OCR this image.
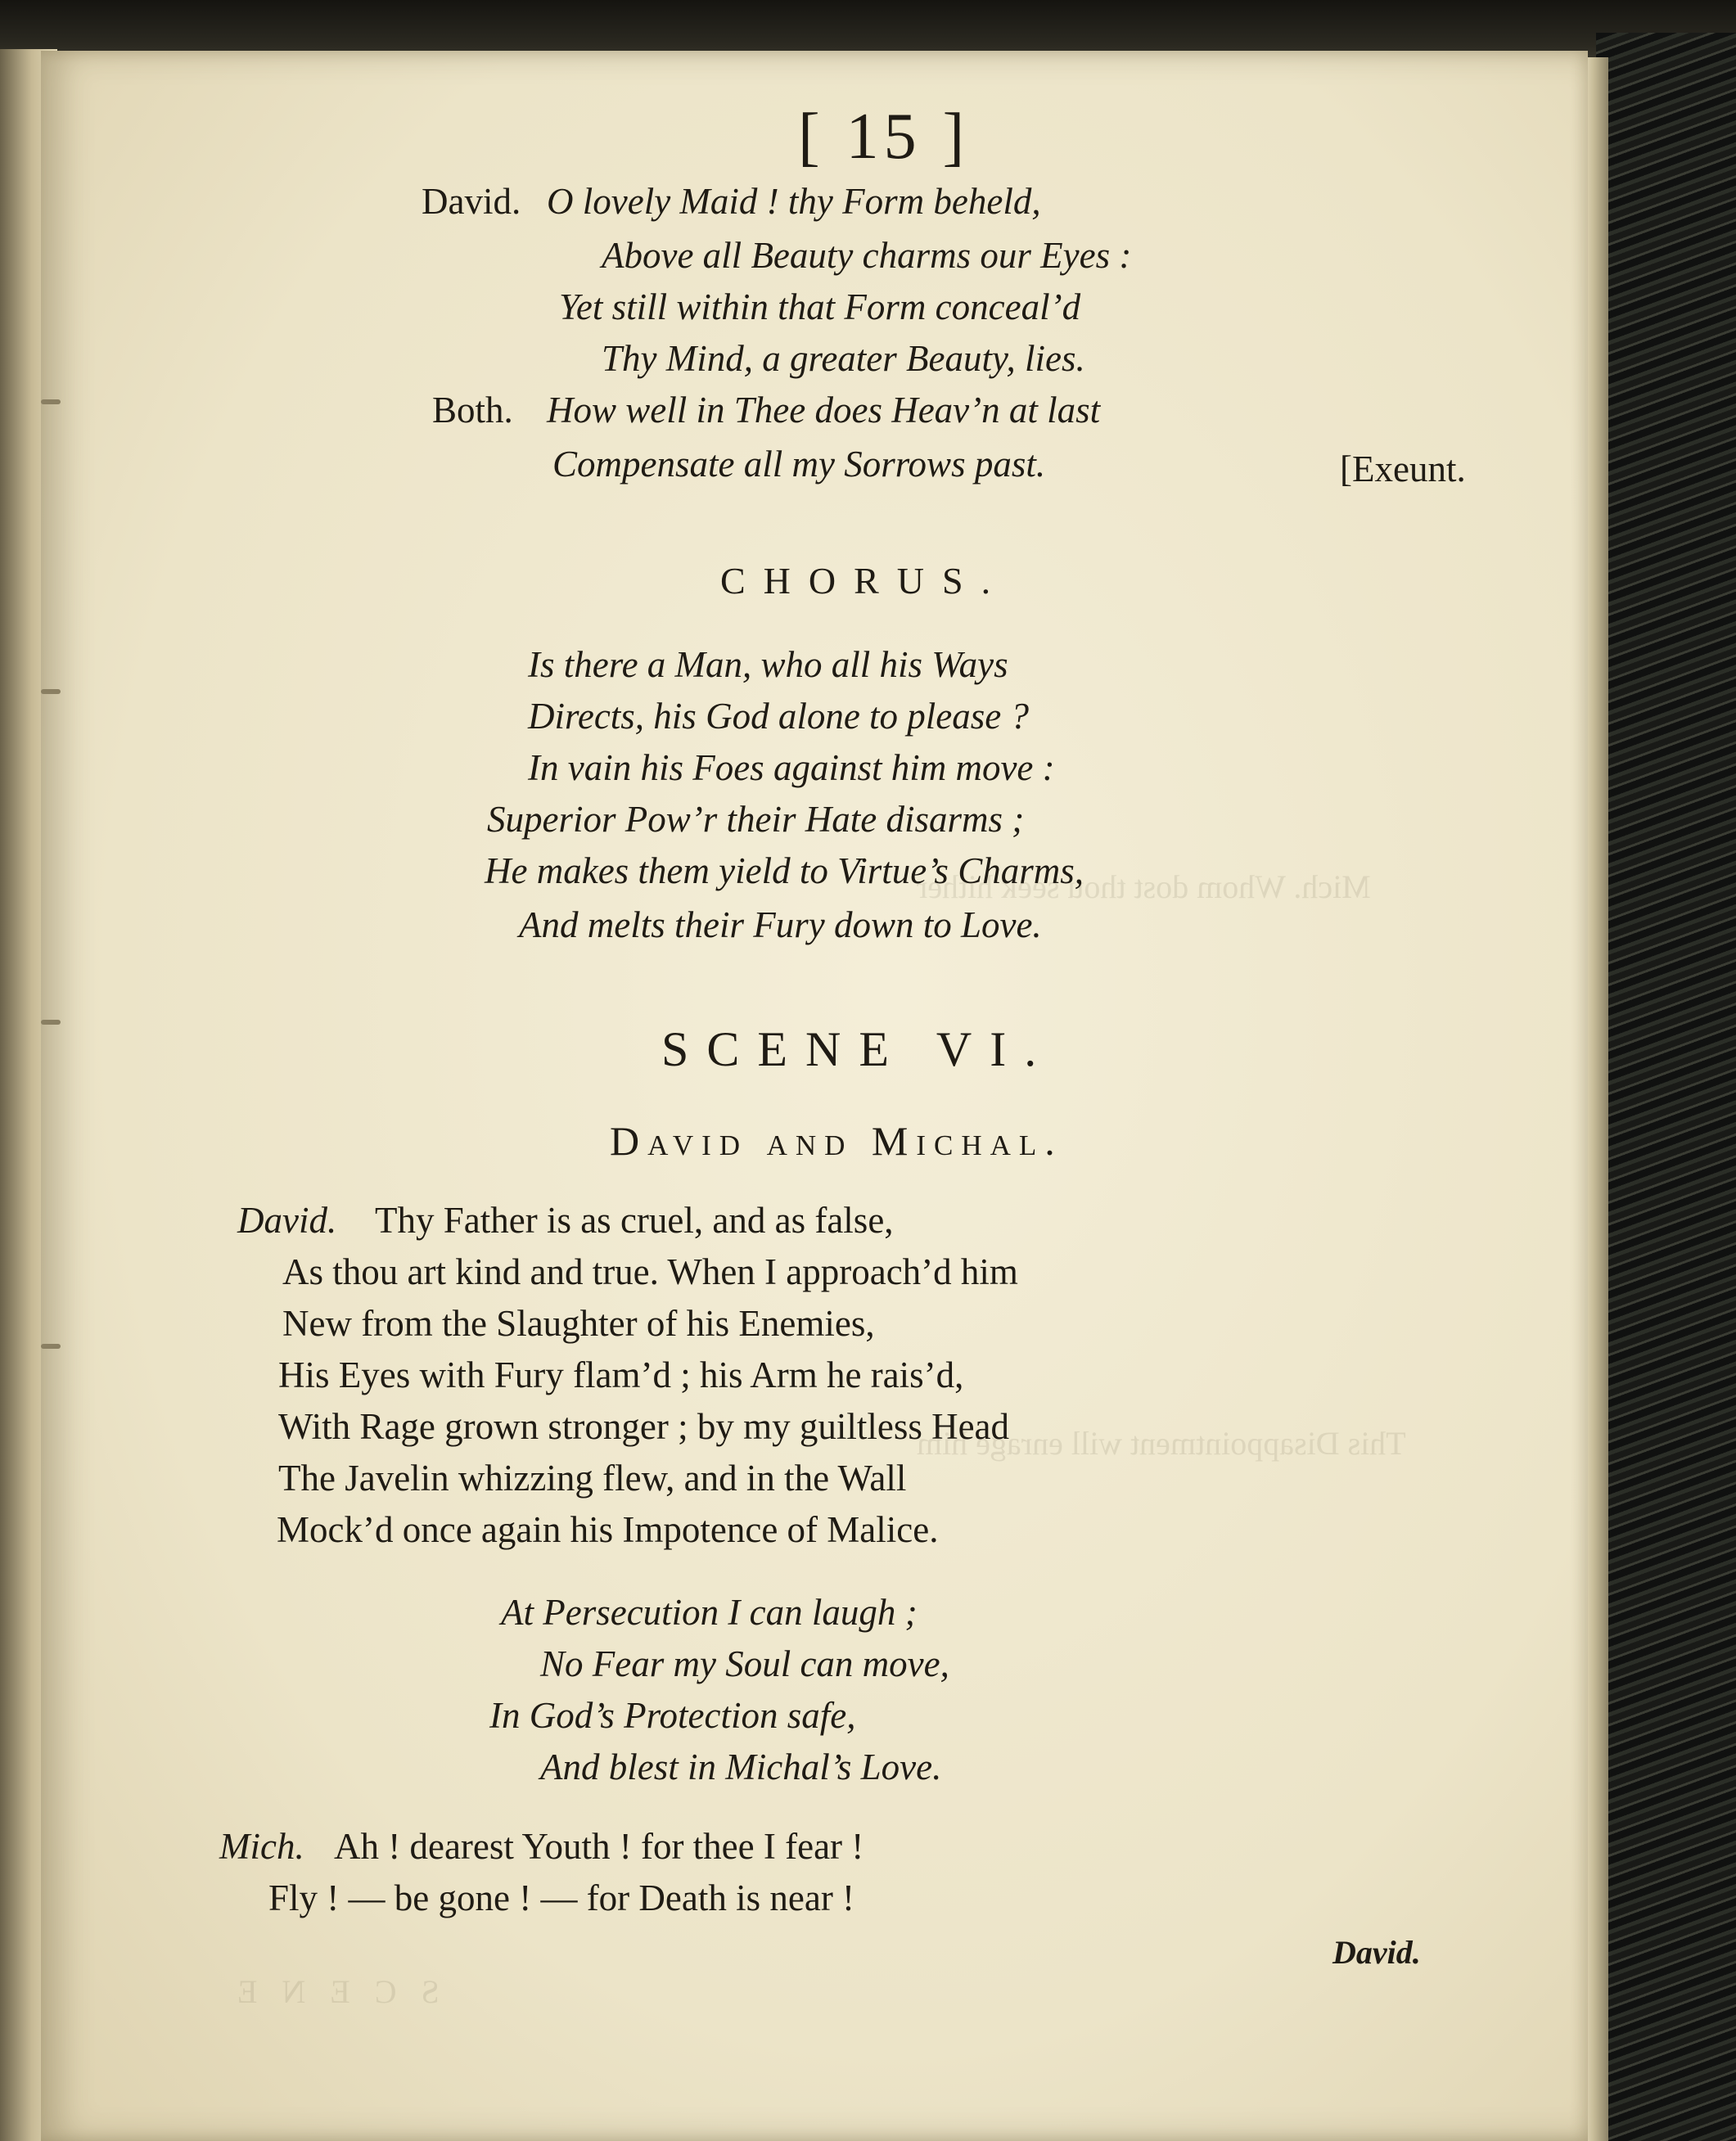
Mich. Whom dost thou seek hither
This Disappointment will enrage him
SCENE
[ 15 ]
David. O lovely Maid ! thy Form beheld,
Above all Beauty charms our Eyes :
Yet still within that Form conceal’d
Thy Mind, a greater Beauty, lies.
Both. How well in Thee does Heav’n at last
Compensate all my Sorrows past.	[Exeunt.
CHORUS.
Is there a Man, who all his Ways
Directs, his God alone to please ?
In vain his Foes against him move :
Superior Pow’r their Hate disarms ;
He makes them yield to Virtue’s Charms,
And melts their Fury down to Love.
SCENE VI.
David and Michal.
David. Thy Father is as cruel, and as false,
As thou art kind and true. When I approach’d him
New from the Slaughter of his Enemies,
His Eyes with Fury flam’d ; his Arm he rais’d,
With Rage grown stronger ; by my guiltless Head
The Javelin whizzing flew, and in the Wall
Mock’d once again his Impotence of Malice.
At Persecution I can laugh ;
No Fear my Soul can move,
In God’s Protection safe,
And blest in Michal’s Love.
Mich. Ah ! dearest Youth ! for thee I fear !
Fly ! — be gone ! — for Death is near !
David.
